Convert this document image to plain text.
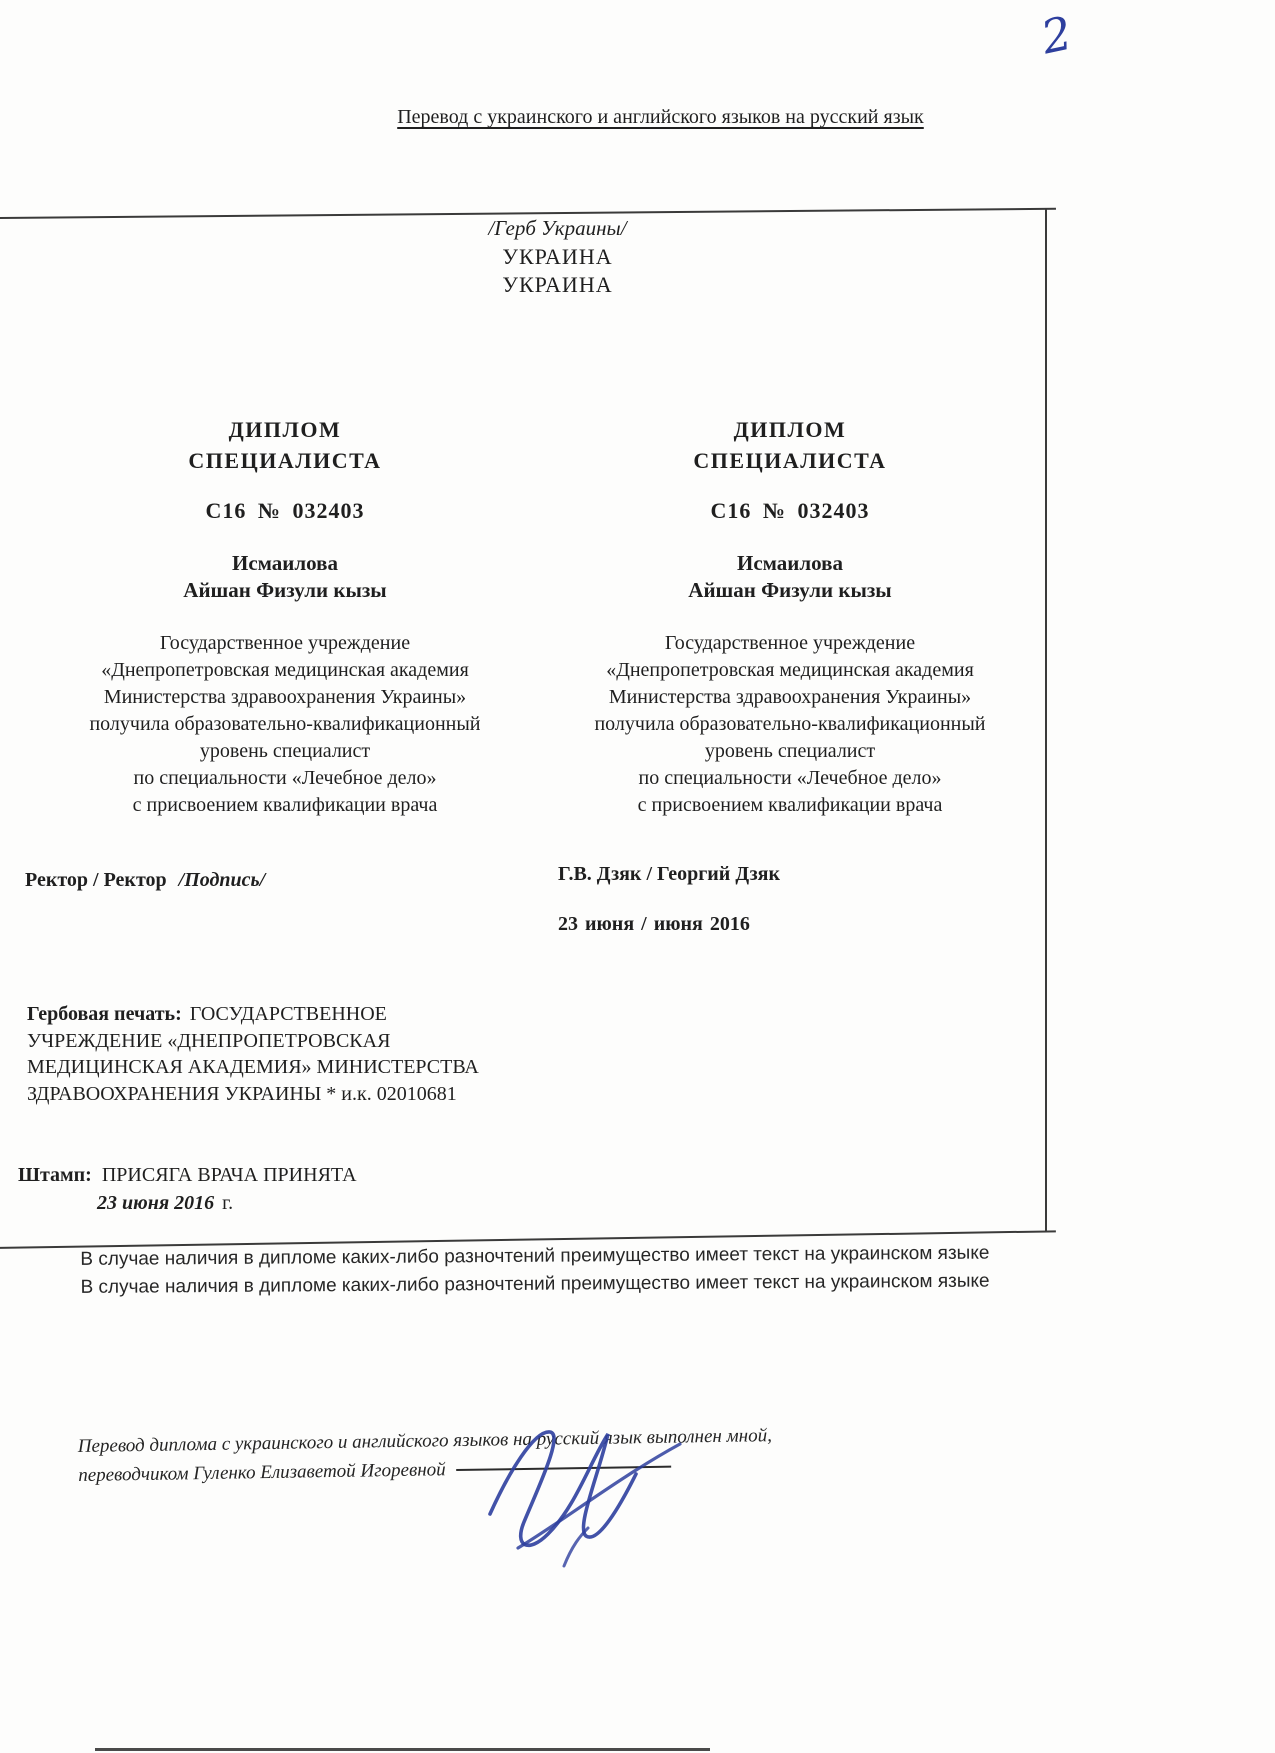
2
Перевод с украинского и английского языков на русский язык
/Герб Украины/
УКРАИНА
УКРАИНА
ДИПЛОМ
СПЕЦИАЛИСТА
С16 № 032403
Исмаилова
Айшан Физули кызы
Государственное учреждение
«Днепропетровская медицинская академия
Министерства здравоохранения Украины»
получила образовательно-квалификационный
уровень специалист
по специальности «Лечебное дело»
с присвоением квалификации врача
ДИПЛОМ
СПЕЦИАЛИСТА
С16 № 032403
Исмаилова
Айшан Физули кызы
Государственное учреждение
«Днепропетровская медицинская академия
Министерства здравоохранения Украины»
получила образовательно-квалификационный
уровень специалист
по специальности «Лечебное дело»
с присвоением квалификации врача
Ректор / Ректор /Подпись/	Г.В. Дзяк / Георгий Дзяк
23 июня / июня 2016
Гербовая печать: ГОСУДАРСТВЕННОЕ УЧРЕЖДЕНИЕ «ДНЕПРОПЕТРОВСКАЯ МЕДИЦИНСКАЯ АКАДЕМИЯ» МИНИСТЕРСТВА ЗДРАВООХРАНЕНИЯ УКРАИНЫ * и.к. 02010681
Штамп: ПРИСЯГА ВРАЧА ПРИНЯТА
23 июня 2016 г.
В случае наличия в дипломе каких-либо разночтений преимущество имеет текст на украинском языке
В случае наличия в дипломе каких-либо разночтений преимущество имеет текст на украинском языке
Перевод диплома с украинского и английского языков на русский язык выполнен мной,
переводчиком Гуленко Елизаветой Игоревной
